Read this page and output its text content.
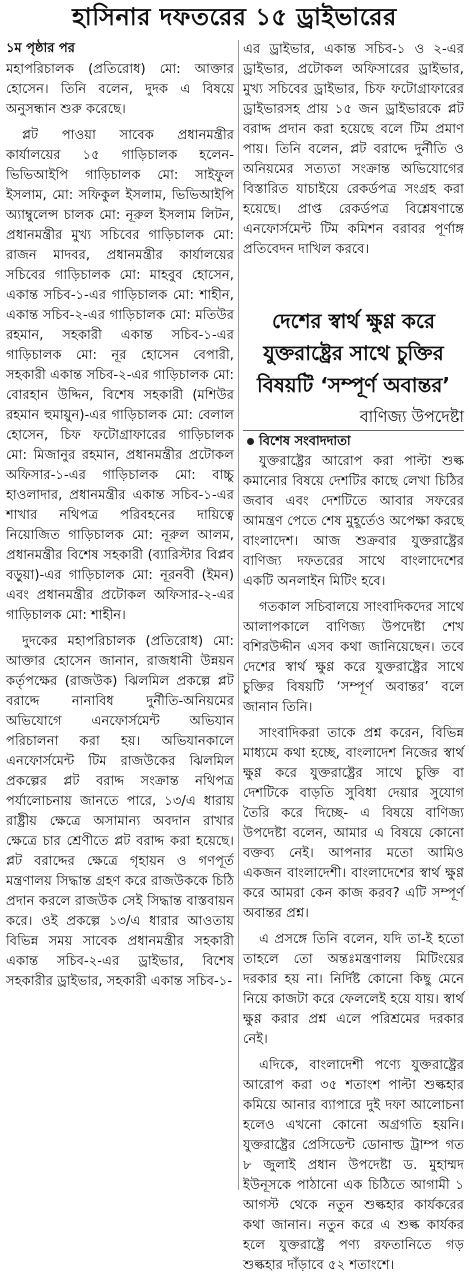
হাসিনার দফতরের ১৫ ড্রাইভারের
১ম পৃষ্ঠার পর

মহাপরিচালক (প্রতিরোধ) মো: আক্তার হোসেন। তিনি বলেন, দুদক এ বিষয়ে অনুসন্ধান শুরু করেছে।

প্লট পাওয়া সাবেক প্রধানমন্ত্রীর কার্যালয়ের ১৫ গাড়িচালক হলেন- ভিভিআইপি গাড়িচালক মো: সাইফুল ইসলাম, মো: সফিকুল ইসলাম, ভিভিআইপি অ্যাম্বুলেন্স চালক মো: নূরুল ইসলাম লিটন, প্রধানমন্ত্রীর মুখ্য সচিবের গাড়িচালক মো: রাজন মাদবর, প্রধানমন্ত্রীর কার্যালয়ের সচিবের গাড়িচালক মো: মাহবুব হোসেন, একান্ত সচিব-১-এর গাড়িচালক মো: শাহীন, একান্ত সচিব-২-এর গাড়িচালক মো: মতিউর রহমান, সহকারী একান্ত সচিব-১-এর গাড়িচালক মো: নূর হোসেন বেপারী, সহকারী একান্ত সচিব-২-এর গাড়িচালক মো: বোরহান উদ্দিন, বিশেষ সহকারী (মশিউর রহমান হুমায়ুন)-এর গাড়িচালক মো: বেলাল হোসেন, চিফ ফটোগ্রাফারের গাড়িচালক মো: মিজানুর রহমান, প্রধানমন্ত্রীর প্রটোকল অফিসার-১-এর গাড়িচালক মো: বাচ্চু হাওলাদার, প্রধানমন্ত্রীর একান্ত সচিব-১-এর শাখার নথিপত্র পরিবহনের দায়িত্বে নিয়োজিত গাড়িচালক মো: নূরুল আলম, প্রধানমন্ত্রীর বিশেষ সহকারী (ব্যারিস্টার বিপ্লব বড়ুয়া)-এর গাড়িচালক মো: নূরনবী (ইমন) এবং প্রধানমন্ত্রীর প্রটোকল অফিসার-২-এর গাড়িচালক মো: শাহীন।

দুদকের মহাপরিচালক (প্রতিরোধ) মো: আক্তার হোসেন জানান, রাজধানী উন্নয়ন কর্তৃপক্ষের (রাজউক) ঝিলমিল প্রকল্পে প্লট বরাদ্দে নানাবিধ দুর্নীতি-অনিয়মের অভিযোগে এনফোর্সমেন্ট অভিযান পরিচালনা করা হয়। অভিযানকালে এনফোর্সমেন্ট টিম রাজউকের ঝিলমিল প্রকল্পের প্লট বরাদ্দ সংক্রান্ত নথিপত্র পর্যালোচনায় জানতে পারে, ১৩/এ ধারায় রাষ্ট্রীয় ক্ষেত্রে অসামান্য অবদান রাখার ক্ষেত্রে চার শ্রেণীতে প্লট বরাদ্দ করা হয়েছে। প্লট বরাদ্দের ক্ষেত্রে গৃহায়ন ও গণপূর্ত মন্ত্রণালয় সিদ্ধান্ত গ্রহণ করে রাজউককে চিঠি প্রদান করলে রাজউক সেই সিদ্ধান্ত বাস্তবায়ন করে। ওই প্রকল্পে ১৩/এ ধারার আওতায় বিভিন্ন সময় সাবেক প্রধানমন্ত্রীর সহকারী একান্ত সচিব-২-এর ড্রাইভার, বিশেষ সহকারীর ড্রাইভার, সহকারী একান্ত সচিব-১-

এর ড্রাইভার, একান্ত সচিব-১ ও ২-এর ড্রাইভার, প্রটোকল অফিসারের ড্রাইভার, মুখ্য সচিবের ড্রাইভার, চিফ ফটোগ্রাফারের ড্রাইভারসহ প্রায় ১৫ জন ড্রাইভারকে প্লট বরাদ্দ প্রদান করা হয়েছে বলে টিম প্রমাণ পায়। তিনি বলেন, প্লট বরাদ্দে দুর্নীতি ও অনিয়মের সত্যতা সংক্রান্ত অভিযোগের বিস্তারিত যাচাইয়ে রেকর্ডপত্র সংগ্রহ করা হয়েছে। প্রাপ্ত রেকর্ডপত্র বিশ্লেষণান্তে এনফোর্সমেন্ট টিম কমিশন বরাবর পূর্ণাঙ্গ প্রতিবেদন দাখিল করবে।

দেশের স্বার্থ ক্ষুণ্ণ করে
যুক্তরাষ্ট্রের সাথে চুক্তির
বিষয়টি ‘সম্পূর্ণ অবান্তর’
বাণিজ্য উপদেষ্টা
বিশেষ সংবাদদাতা

যুক্তরাষ্ট্রের আরোপ করা পাল্টা শুল্ক কমানোর বিষয়ে দেশটির কাছে লেখা চিঠির জবাব এবং দেশটিতে আবার সফরের আমন্ত্রণ পেতে শেষ মুহূর্তেও অপেক্ষা করছে বাংলাদেশ। আজ শুক্রবার যুক্তরাষ্ট্রের বাণিজ্য দফতরের সাথে বাংলাদেশের একটি অনলাইন মিটিং হবে।

গতকাল সচিবালয়ে সাংবাদিকদের সাথে আলাপকালে বাণিজ্য উপদেষ্টা শেখ বশিরউদ্দীন এসব কথা জানিয়েছেন। তবে দেশের স্বার্থ ক্ষুণ্ণ করে যুক্তরাষ্ট্রের সাথে চুক্তির বিষয়টি ‘সম্পূর্ণ অবান্তর’ বলে জানান তিনি।

সাংবাদিকরা তাকে প্রশ্ন করেন, বিভিন্ন মাধ্যমে কথা হচ্ছে, বাংলাদেশ নিজের স্বার্থ ক্ষুণ্ণ করে যুক্তরাষ্ট্রের সাথে চুক্তি বা দেশটিকে বাড়তি সুবিধা দেয়ার সুযোগ তৈরি করে দিচ্ছে- এ বিষয়ে বাণিজ্য উপদেষ্টা বলেন, আমার এ বিষয়ে কোনো বক্তব্য নেই। আপনার মতো আমিও একজন বাংলাদেশী। বাংলাদেশের স্বার্থ ক্ষুণ্ণ করে আমরা কেন কাজ করব? এটি সম্পূর্ণ অবান্তর প্রশ্ন।

এ প্রসঙ্গে তিনি বলেন, যদি তা-ই হতো তাহলে তো অন্তঃমন্ত্রণালয় মিটিংয়ের দরকার হয় না। নির্দিষ্ট কোনো কিছু মেনে নিয়ে কাজটা করে ফেললেই হয়ে যায়। স্বার্থ ক্ষুণ্ণ করার প্রশ্ন এলে পরিশ্রমের দরকার নেই।

এদিকে, বাংলাদেশী পণ্যে যুক্তরাষ্ট্রের আরোপ করা ৩৫ শতাংশ পাল্টা শুল্কহার কমিয়ে আনার ব্যাপারে দুই দফা আলোচনা হলেও এখনো কোনো অগ্রগতি হয়নি। যুক্তরাষ্ট্রের প্রেসিডেন্ট ডোনাল্ড ট্রাম্প গত ৮ জুলাই প্রধান উপদেষ্টা ড. মুহাম্মদ ইউনূসকে পাঠানো এক চিঠিতে আগামী ১ আগস্ট থেকে নতুন শুল্কহার কার্যকরের কথা জানান। নতুন করে এ শুল্ক কার্যকর হলে যুক্তরাষ্ট্রে পণ্য রফতানিতে গড় শুল্কহার দাঁড়াবে ৫২ শতাংশে।
